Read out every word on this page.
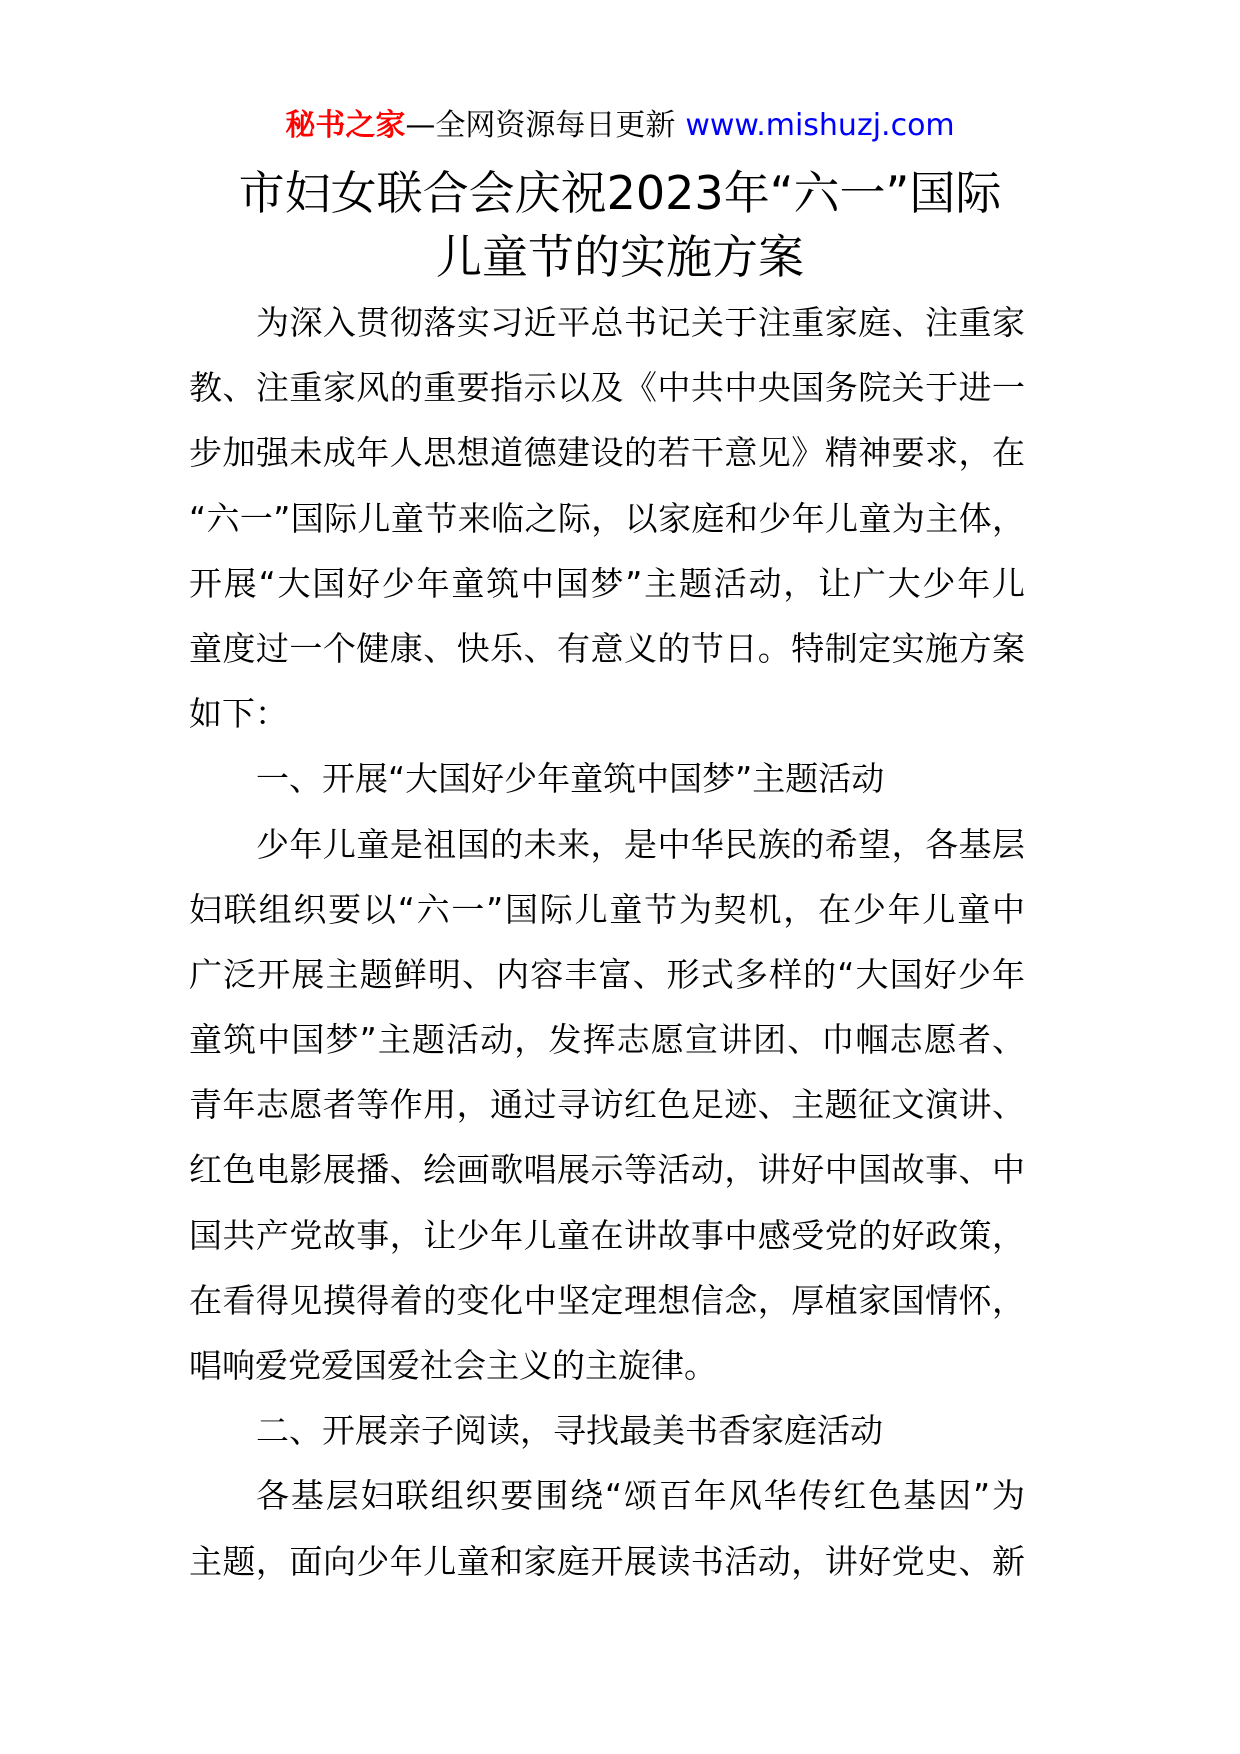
秘书之家—全网资源每日更新 www.mishuzj.com
市妇女联合会庆祝2023年“六一”国际
儿童节的实施方案
为深入贯彻落实习近平总书记关于注重家庭、注重家
教、注重家风的重要指示以及《中共中央国务院关于进一
步加强未成年人思想道德建设的若干意见》精神要求，在
“六一”国际儿童节来临之际，以家庭和少年儿童为主体，
开展“大国好少年童筑中国梦”主题活动，让广大少年儿
童度过一个健康、快乐、有意义的节日。特制定实施方案
如下：
一、开展“大国好少年童筑中国梦”主题活动
少年儿童是祖国的未来，是中华民族的希望，各基层
妇联组织要以“六一”国际儿童节为契机，在少年儿童中
广泛开展主题鲜明、内容丰富、形式多样的“大国好少年
童筑中国梦”主题活动，发挥志愿宣讲团、巾帼志愿者、
青年志愿者等作用，通过寻访红色足迹、主题征文演讲、
红色电影展播、绘画歌唱展示等活动，讲好中国故事、中
国共产党故事，让少年儿童在讲故事中感受党的好政策，
在看得见摸得着的变化中坚定理想信念，厚植家国情怀，
唱响爱党爱国爱社会主义的主旋律。
二、开展亲子阅读，寻找最美书香家庭活动
各基层妇联组织要围绕“颂百年风华传红色基因”为
主题，面向少年儿童和家庭开展读书活动，讲好党史、新
